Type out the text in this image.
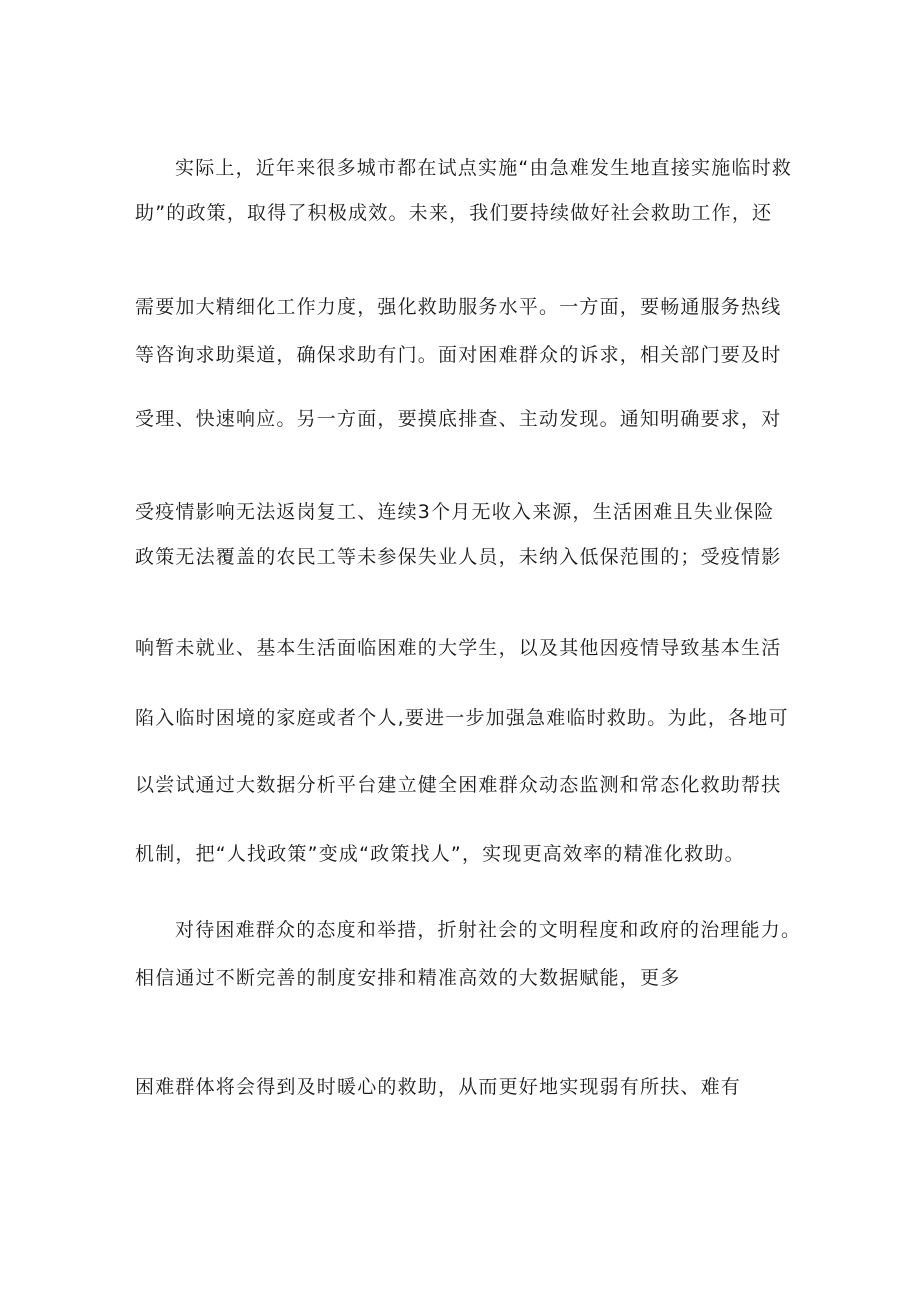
实际上，近年来很多城市都在试点实施“由急难发生地直接实施临时救
助”的政策，取得了积极成效。未来，我们要持续做好社会救助工作，还
需要加大精细化工作力度，强化救助服务水平。一方面，要畅通服务热线
等咨询求助渠道，确保求助有门。面对困难群众的诉求，相关部门要及时
受理、快速响应。另一方面，要摸底排查、主动发现。通知明确要求，对
受疫情影响无法返岗复工、连续3个月无收入来源，生活困难且失业保险
政策无法覆盖的农民工等未参保失业人员，未纳入低保范围的；受疫情影
响暂未就业、基本生活面临困难的大学生，以及其他因疫情导致基本生活
陷入临时困境的家庭或者个人,要进一步加强急难临时救助。为此，各地可
以尝试通过大数据分析平台建立健全困难群众动态监测和常态化救助帮扶
机制，把“人找政策”变成“政策找人”，实现更高效率的精准化救助。
对待困难群众的态度和举措，折射社会的文明程度和政府的治理能力。
相信通过不断完善的制度安排和精准高效的大数据赋能，更多
困难群体将会得到及时暖心的救助，从而更好地实现弱有所扶、难有
